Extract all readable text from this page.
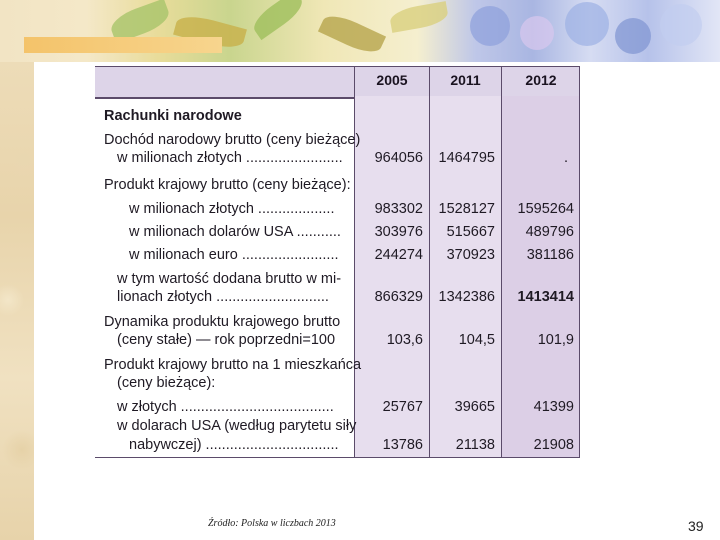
2005	2011	2012
Rachunki narodowe
Dochód narodowy brutto (ceny bieżące)
w milionach złotych ........................	964056	1464795	.
Produkt krajowy brutto (ceny bieżące):
w milionach złotych ...................	983302	1528127	1595264
w milionach dolarów USA ...........	303976	515667	489796
w milionach euro ........................	244274	370923	381186
w tym wartość dodana brutto w mi-
lionach złotych ............................	866329	1342386	1413414
Dynamika produktu krajowego brutto
(ceny stałe) — rok poprzedni=100	103,6	104,5	101,9
Produkt krajowy brutto na 1 mieszkańca
(ceny bieżące):
w złotych ......................................	25767	39665	41399
w dolarach USA (według parytetu siły
nabywczej) .................................	13786	21138	21908
Źródło: Polska w liczbach 2013	39
